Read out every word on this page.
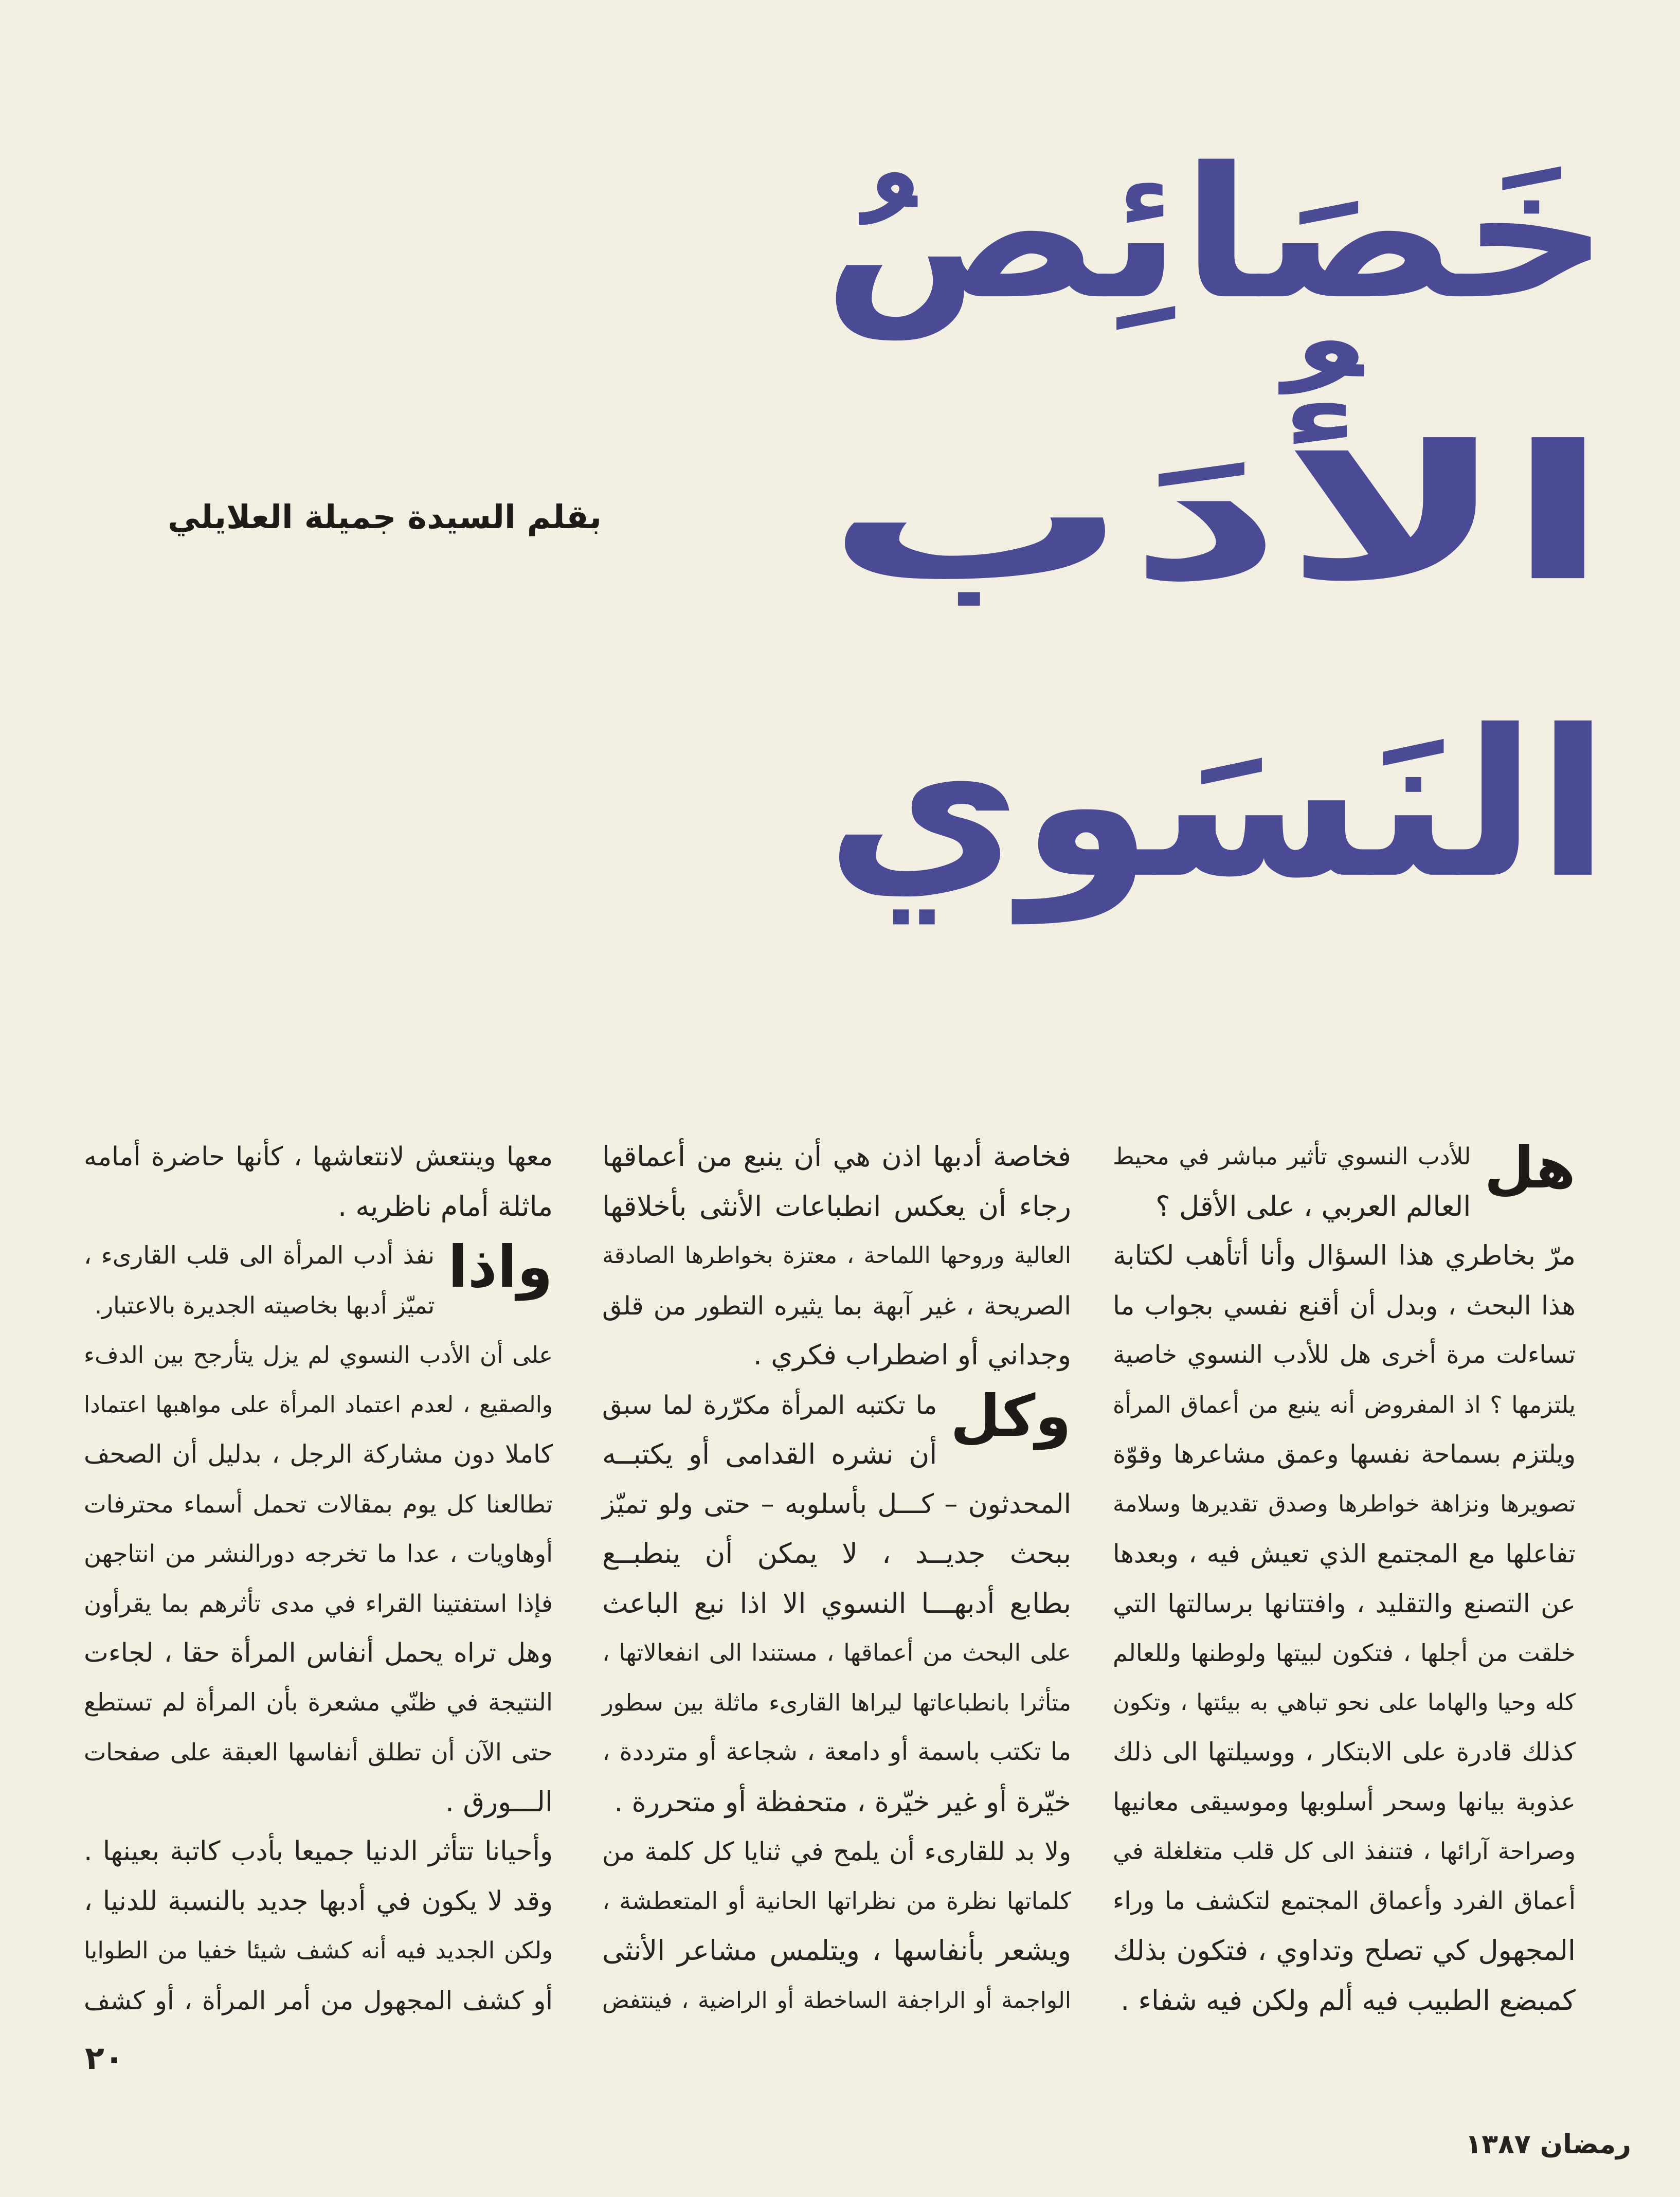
خَصَائِصُ
الأُدَب
النَسَوي
بقلم السيدة جميلة العلايلي
هل
للأدب النسوي تأثير مباشر في محيط
العالم العربي ، على الأقل ؟
مرّ بخاطري هذا السؤال وأنا أتأهب لكتابة
هذا البحث ، وبدل أن أقنع نفسي بجواب ما
تساءلت مرة أخرى هل للأدب النسوي خاصية
يلتزمها ؟ اذ المفروض أنه ينبع من أعماق المرأة
ويلتزم بسماحة نفسها وعمق مشاعرها وقوّة
تصويرها ونزاهة خواطرها وصدق تقديرها وسلامة
تفاعلها مع المجتمع الذي تعيش فيه ، وبعدها
عن التصنع والتقليد ، وافتتانها برسالتها التي
خلقت من أجلها ، فتكون لبيتها ولوطنها وللعالم
كله وحيا والهاما على نحو تباهي به بيئتها ، وتكون
كذلك قادرة على الابتكار ، ووسيلتها الى ذلك
عذوبة بيانها وسحر أسلوبها وموسيقى معانيها
وصراحة آرائها ، فتنفذ الى كل قلب متغلغلة في
أعماق الفرد وأعماق المجتمع لتكشف ما وراء
المجهول كي تصلح وتداوي ، فتكون بذلك
كمبضع الطبيب فيه ألم ولكن فيه شفاء .
فخاصة أدبها اذن هي أن ينبع من أعماقها
رجاء أن يعكس انطباعات الأنثى بأخلاقها
العالية وروحها اللماحة ، معتزة بخواطرها الصادقة
الصريحة ، غير آبهة بما يثيره التطور من قلق
وجداني أو اضطراب فكري .
وكل
ما تكتبه المرأة مكرّرة لما سبق
أن نشره القدامى أو يكتبــه
المحدثون – كـــل بأسلوبه – حتى ولو تميّز
ببحث جديــد ، لا يمكن أن ينطبــع
بطابع أدبهـــا النسوي الا اذا نبع الباعث
على البحث من أعماقها ، مستندا الى انفعالاتها ،
متأثرا بانطباعاتها ليراها القارىء ماثلة بين سطور
ما تكتب باسمة أو دامعة ، شجاعة أو مترددة ،
خيّرة أو غير خيّرة ، متحفظة أو متحررة .
ولا بد للقارىء أن يلمح في ثنايا كل كلمة من
كلماتها نظرة من نظراتها الحانية أو المتعطشة ،
ويشعر بأنفاسها ، ويتلمس مشاعر الأنثى
الواجمة أو الراجفة الساخطة أو الراضية ، فينتفض
معها وينتعش لانتعاشها ، كأنها حاضرة أمامه
ماثلة أمام ناظريه .
واذا
نفذ أدب المرأة الى قلب القارىء ،
تميّز أدبها بخاصيته الجديرة بالاعتبار.
على أن الأدب النسوي لم يزل يتأرجح بين الدفء
والصقيع ، لعدم اعتماد المرأة على مواهبها اعتمادا
كاملا دون مشاركة الرجل ، بدليل أن الصحف
تطالعنا كل يوم بمقالات تحمل أسماء محترفات
أوهاويات ، عدا ما تخرجه دورالنشر من انتاجهن
فإذا استفتينا القراء في مدى تأثرهم بما يقرأون
وهل تراه يحمل أنفاس المرأة حقا ، لجاءت
النتيجة في ظنّي مشعرة بأن المرأة لم تستطع
حتى الآن أن تطلق أنفاسها العبقة على صفحات
الـــورق .
وأحيانا تتأثر الدنيا جميعا بأدب كاتبة بعينها .
وقد لا يكون في أدبها جديد بالنسبة للدنيا ،
ولكن الجديد فيه أنه كشف شيئا خفيا من الطوايا
أو كشف المجهول من أمر المرأة ، أو كشف
٢٠
رمضان ١٣٨٧
